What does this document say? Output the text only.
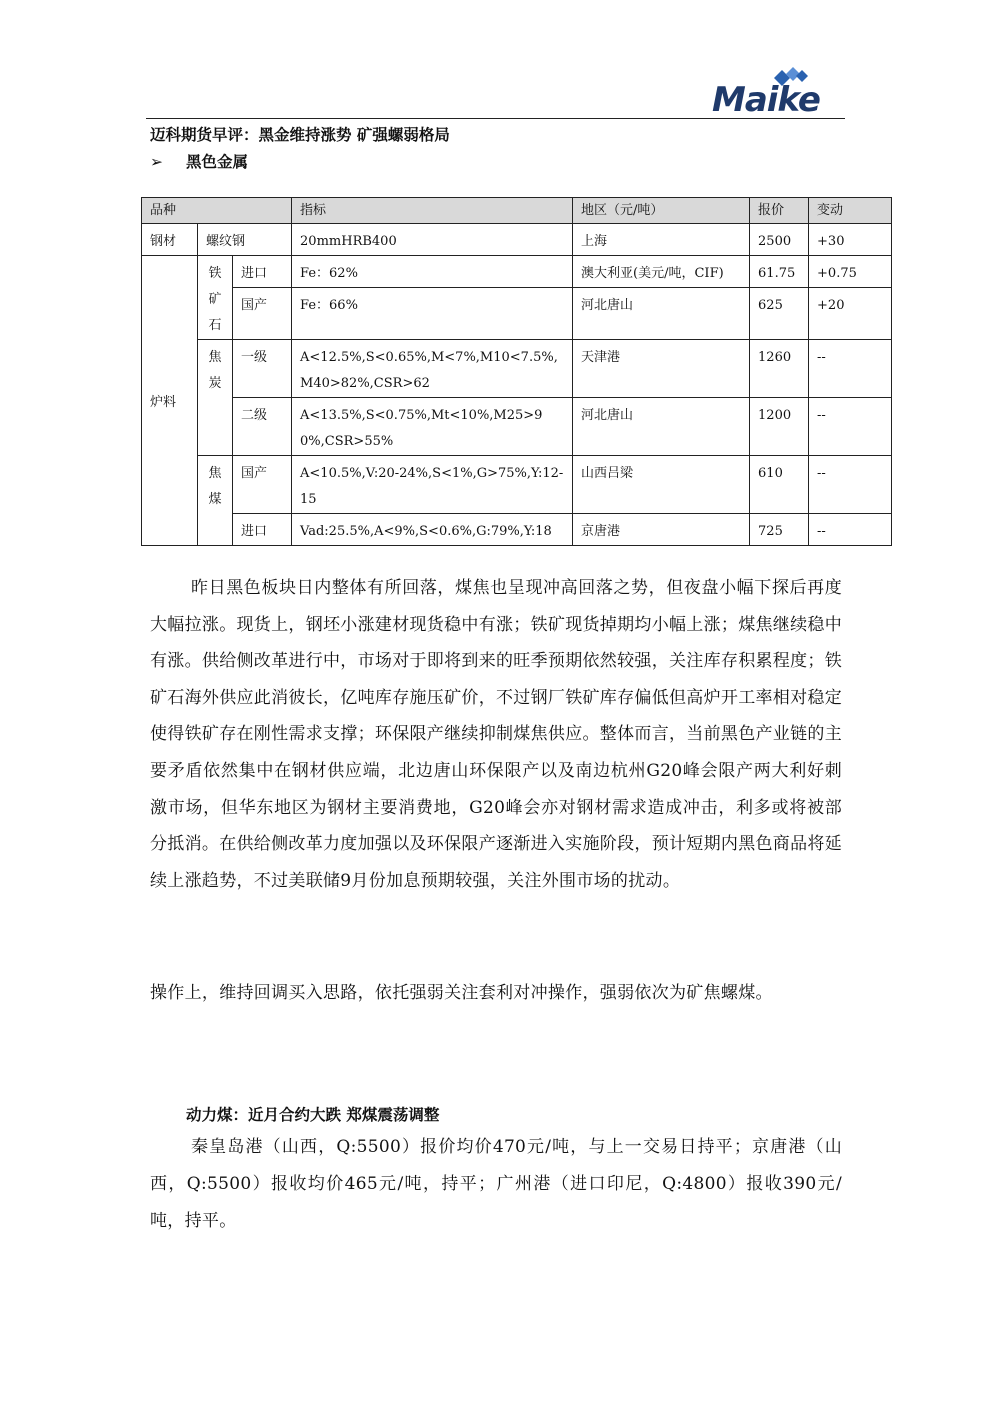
Maike
迈科期货早评：黑金维持涨势 矿强螺弱格局
➢ 黑色金属
品种			指标	地区（元/吨）	报价	变动
钢材	螺纹钢		20mmHRB400	上海	2500	+30
炉料	铁矿石	进口	Fe：62%	澳大利亚(美元/吨，CIF)	61.75	+0.75
		国产	Fe：66%	河北唐山	625	+20

	焦炭	一级	A<12.5%,S<0.65%,M<7%,M10<7.5%,M40>82%,CSR>62	天津港	1260	--
		二级	A<13.5%,S<0.75%,Mt<10%,M25>90%,CSR>55%	河北唐山	1200	--

	焦煤	国产	A<10.5%,V:20-24%,S<1%,G>75%,Y:12-15	山西吕梁	610	--
		进口	Vad:25.5%,A<9%,S<0.6%,G:79%,Y:18	京唐港	725	--

昨日黑色板块日内整体有所回落，煤焦也呈现冲高回落之势，但夜盘小幅下探后再度大幅拉涨。现货上，钢坯小涨建材现货稳中有涨；铁矿现货掉期均小幅上涨；煤焦继续稳中有涨。供给侧改革进行中，市场对于即将到来的旺季预期依然较强，关注库存积累程度；铁矿石海外供应此消彼长，亿吨库存施压矿价，不过钢厂铁矿库存偏低但高炉开工率相对稳定使得铁矿存在刚性需求支撑；环保限产继续抑制煤焦供应。整体而言，当前黑色产业链的主要矛盾依然集中在钢材供应端，北边唐山环保限产以及南边杭州G20峰会限产两大利好刺激市场，但华东地区为钢材主要消费地，G20峰会亦对钢材需求造成冲击，利多或将被部分抵消。在供给侧改革力度加强以及环保限产逐渐进入实施阶段，预计短期内黑色商品将延续上涨趋势，不过美联储9月份加息预期较强，关注外围市场的扰动。

操作上，维持回调买入思路，依托强弱关注套利对冲操作，强弱依次为矿焦螺煤。

动力煤：近月合约大跌 郑煤震荡调整

秦皇岛港（山西，Q:5500）报价均价470元/吨，与上一交易日持平；京唐港（山西，Q:5500）报收均价465元/吨，持平；广州港（进口印尼，Q:4800）报收390元/吨，持平。
